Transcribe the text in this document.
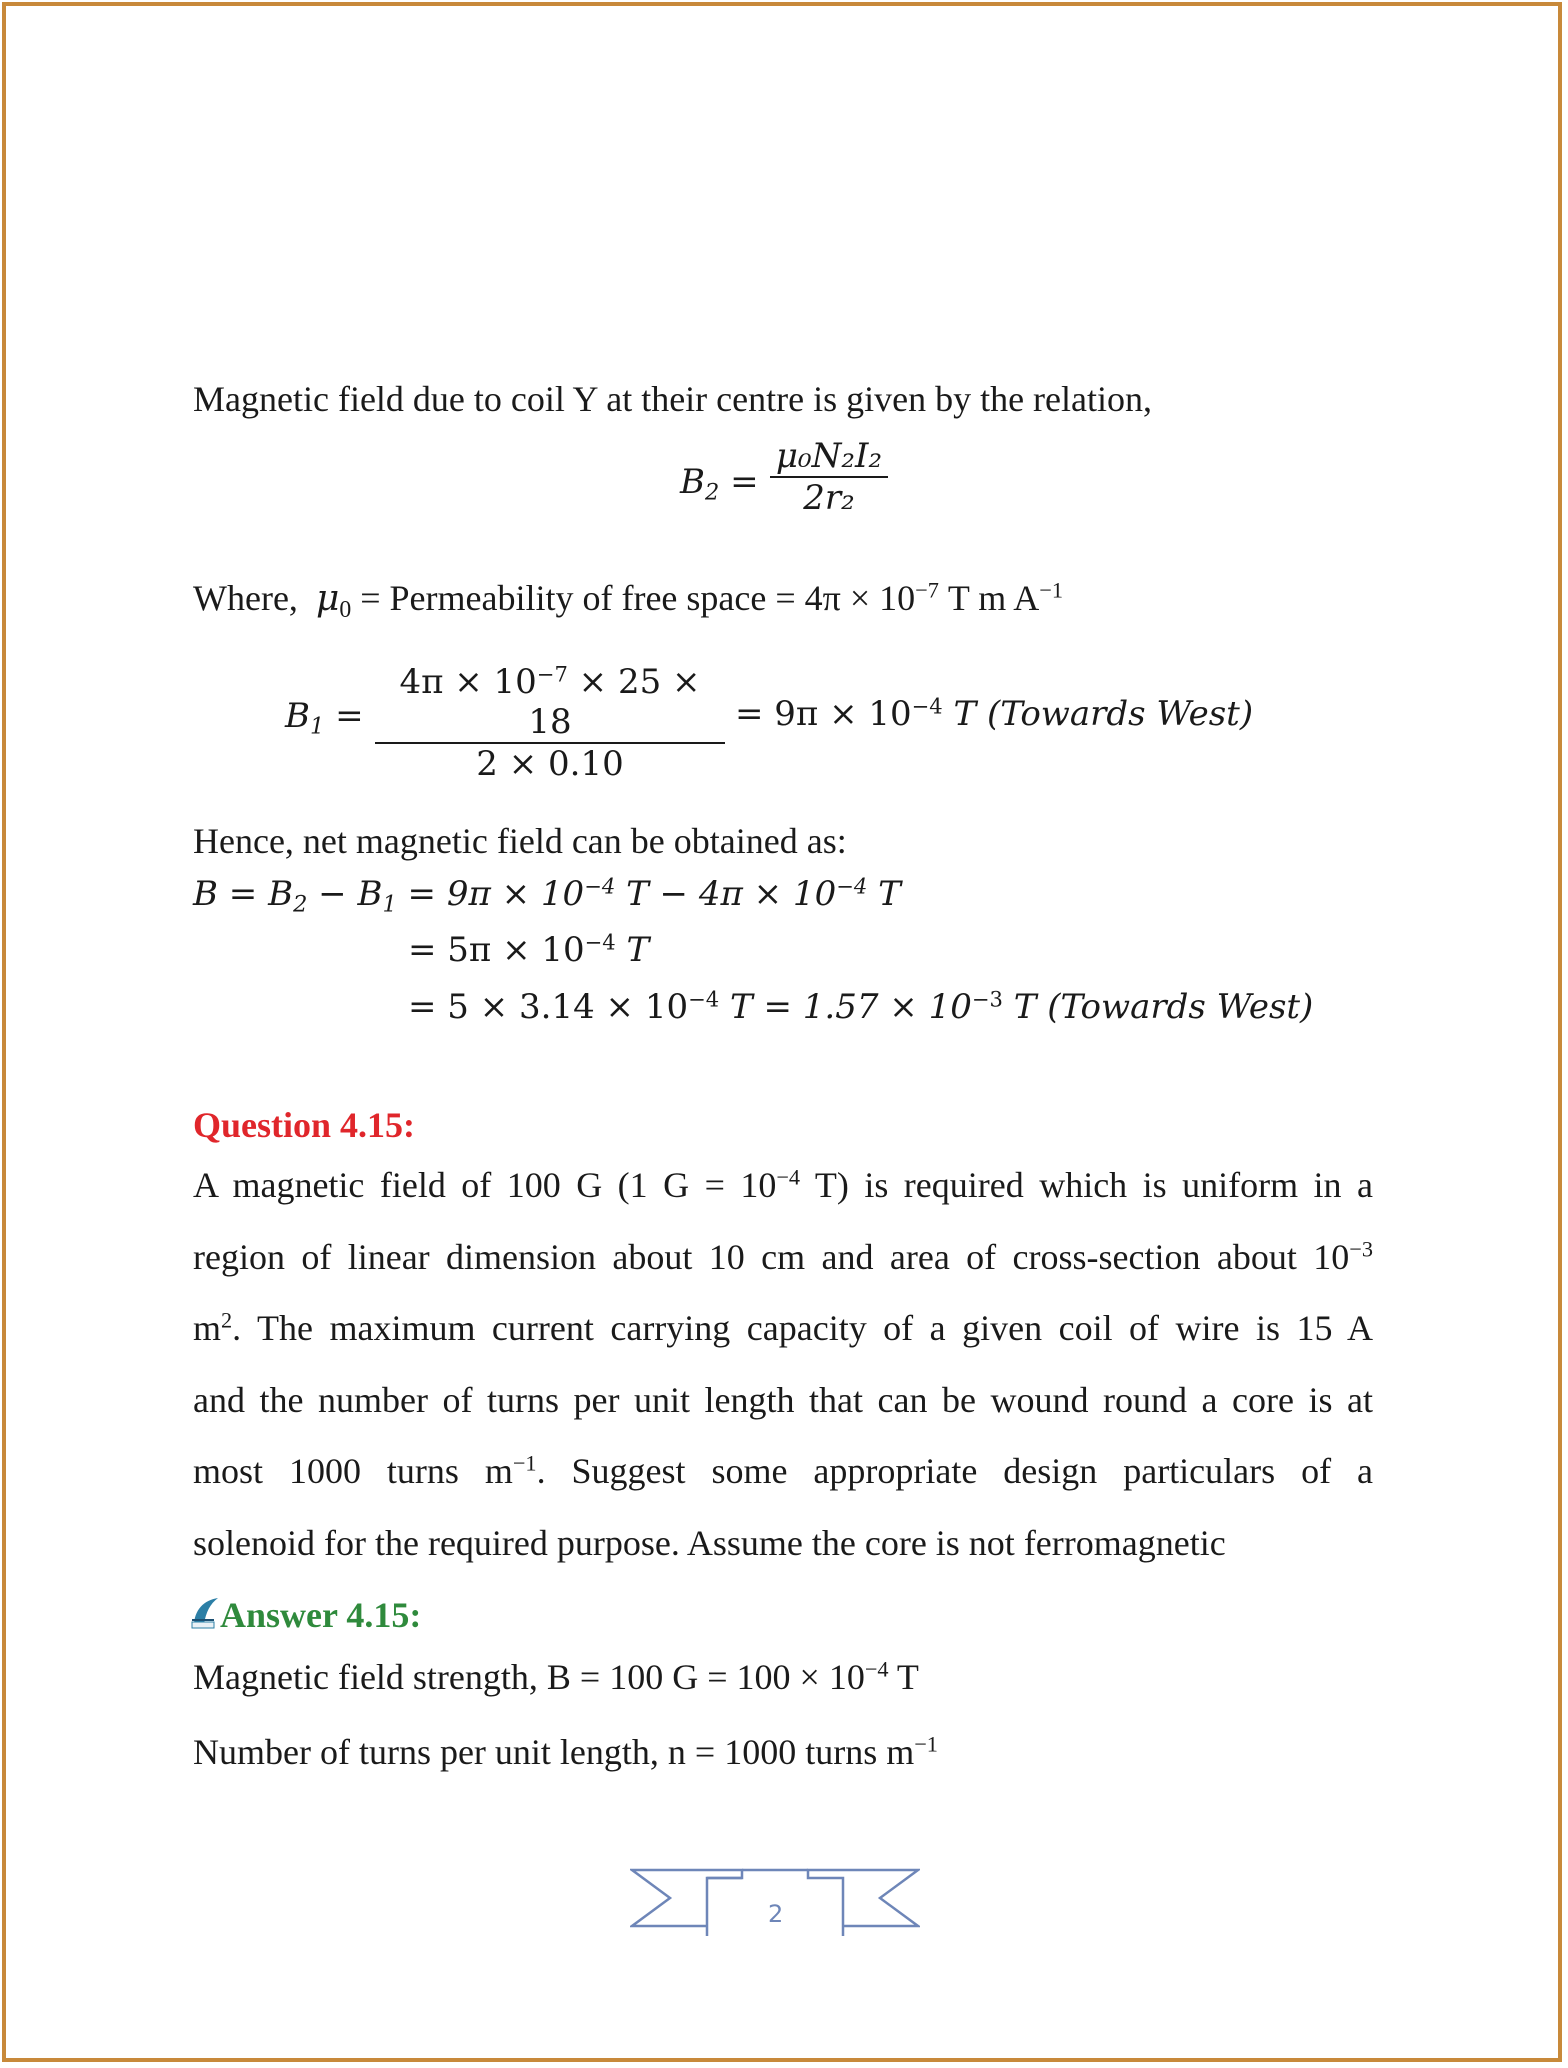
Magnetic field due to coil Y at their centre is given by the relation,
$B_2$ =
μ₀N₂I₂
2r₂
Where, $\mu_0$ = Permeability of free space = $4\pi \times 10^{-7}$ T m $A^{-1}$
$B_1$ =
$4\pi \times 10^{-7} \times 25 \times 18$
2 × 0.10
= $9\pi \times 10^{-4}$ T (Towards West)
Hence, net magnetic field can be obtained as:
$B = B_2 - B_1 = 9\pi \times 10^{-4}$ $T - 4\pi \times 10^{-4}$ T
= $5\pi \times 10^{-4}$ T
= $5 \times 3.14 \times 10^{-4}$ $T = 1.57 \times 10^{-3}$ T (Towards West)
Question 4.15:
A magnetic field of 100 G (1 $G = 10^{-4}$ T) is required which is uniform in a
region of linear dimension about 10 cm and area of cross-section about $10^{-3}$
$m^2$. The maximum current carrying capacity of a given coil of wire is 15 A
and the number of turns per unit length that can be wound round a core is at
most 1000 turns $m^{-1}$. Suggest some appropriate design particulars of a
solenoid for the required purpose. Assume the core is not ferromagnetic
Answer 4.15:
Magnetic field strength, B = 100 $G = 100 \times 10^{-4}$ T
Number of turns per unit length, n = 1000 turns $m^{-1}$
2
